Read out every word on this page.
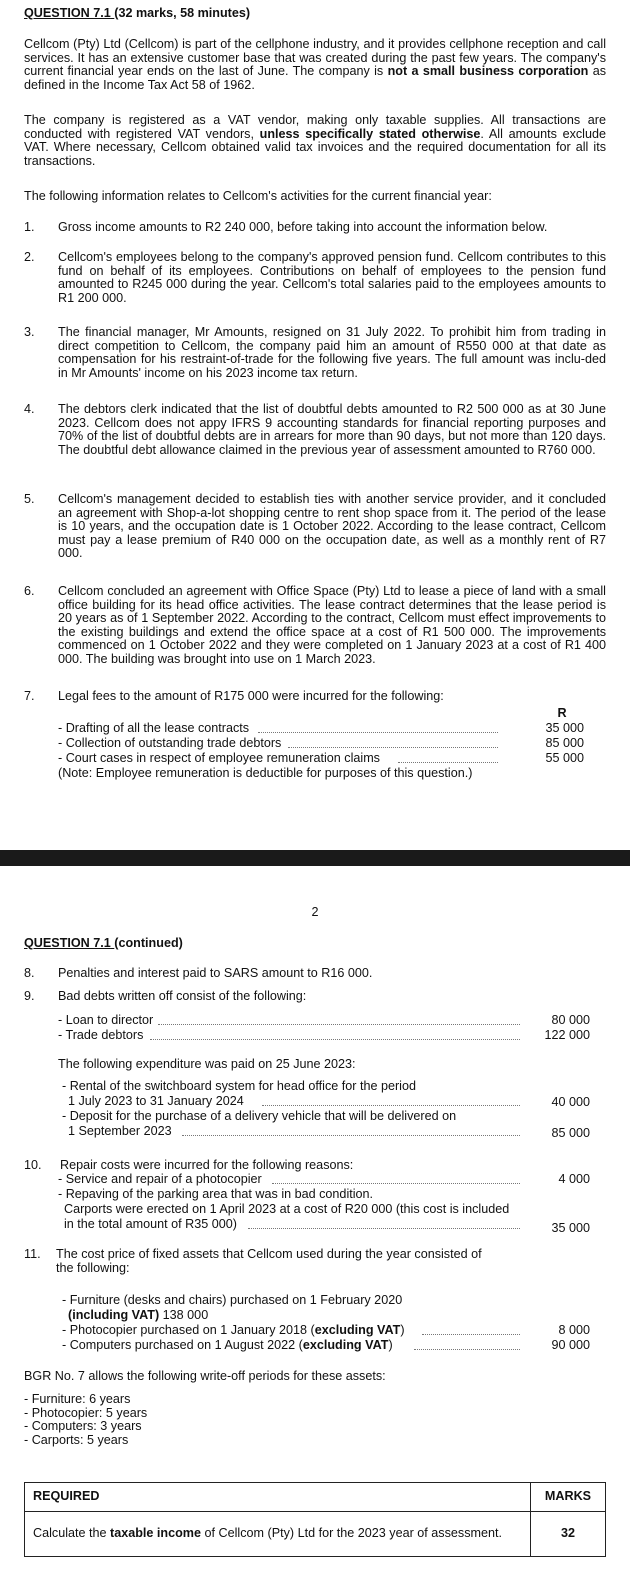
QUESTION 7.1 (32 marks, 58 minutes)
Cellcom (Pty) Ltd (Cellcom) is part of the cellphone industry, and it provides cellphone reception and call services. It has an extensive customer base that was created during the past few years. The company's current financial year ends on the last of June. The company is not a small business corporation as defined in the Income Tax Act 58 of 1962.
The company is registered as a VAT vendor, making only taxable supplies. All transactions are conducted with registered VAT vendors, unless specifically stated otherwise. All amounts exclude VAT. Where necessary, Cellcom obtained valid tax invoices and the required documentation for all its transactions.
The following information relates to Cellcom's activities for the current financial year:
1. Gross income amounts to R2 240 000, before taking into account the information below.
2. Cellcom's employees belong to the company's approved pension fund. Cellcom contributes to this fund on behalf of its employees. Contributions on behalf of employees to the pension fund amounted to R245 000 during the year. Cellcom's total salaries paid to the employees amounts to R1 200 000.
3. The financial manager, Mr Amounts, resigned on 31 July 2022. To prohibit him from trading in direct competition to Cellcom, the company paid him an amount of R550 000 at that date as compensation for his restraint-of-trade for the following five years. The full amount was inclu-ded in Mr Amounts' income on his 2023 income tax return.
4. The debtors clerk indicated that the list of doubtful debts amounted to R2 500 000 as at 30 June 2023. Cellcom does not appy IFRS 9 accounting standards for financial reporting purposes and 70% of the list of doubtful debts are in arrears for more than 90 days, but not more than 120 days. The doubtful debt allowance claimed in the previous year of assessment amounted to R760 000.
5. Cellcom's management decided to establish ties with another service provider, and it concluded an agreement with Shop-a-lot shopping centre to rent shop space from it. The period of the lease is 10 years, and the occupation date is 1 October 2022. According to the lease contract, Cellcom must pay a lease premium of R40 000 on the occupation date, as well as a monthly rent of R7 000.
6. Cellcom concluded an agreement with Office Space (Pty) Ltd to lease a piece of land with a small office building for its head office activities. The lease contract determines that the lease period is 20 years as of 1 September 2022. According to the contract, Cellcom must effect improvements to the existing buildings and extend the office space at a cost of R1 500 000. The improvements commenced on 1 October 2022 and they were completed on 1 January 2023 at a cost of R1 400 000. The building was brought into use on 1 March 2023.
7. Legal fees to the amount of R175 000 were incurred for the following:
R
- Drafting of all the lease contracts	35 000
- Collection of outstanding trade debtors	85 000
- Court cases in respect of employee remuneration claims	55 000
(Note: Employee remuneration is deductible for purposes of this question.)
2
QUESTION 7.1 (continued)
8. Penalties and interest paid to SARS amount to R16 000.
9. Bad debts written off consist of the following:
- Loan to director	80 000
- Trade debtors	122 000
The following expenditure was paid on 25 June 2023:
- Rental of the switchboard system for head office for the period
1 July 2023 to 31 January 2024	40 000
- Deposit for the purchase of a delivery vehicle that will be delivered on
1 September 2023	85 000
10. Repair costs were incurred for the following reasons:
- Service and repair of a photocopier	4 000
- Repaving of the parking area that was in bad condition.
Carports were erected on 1 April 2023 at a cost of R20 000 (this cost is included
in the total amount of R35 000)	35 000
11. The cost price of fixed assets that Cellcom used during the year consisted of
the following:
- Furniture (desks and chairs) purchased on 1 February 2020
(including VAT) 138 000
- Photocopier purchased on 1 January 2018 (excluding VAT)	8 000
- Computers purchased on 1 August 2022 (excluding VAT)	90 000
BGR No. 7 allows the following write-off periods for these assets:
- Furniture: 6 years
- Photocopier: 5 years
- Computers: 3 years
- Carports: 5 years
REQUIRED	MARKS
Calculate the taxable income of Cellcom (Pty) Ltd for the 2023 year of assessment.	32
